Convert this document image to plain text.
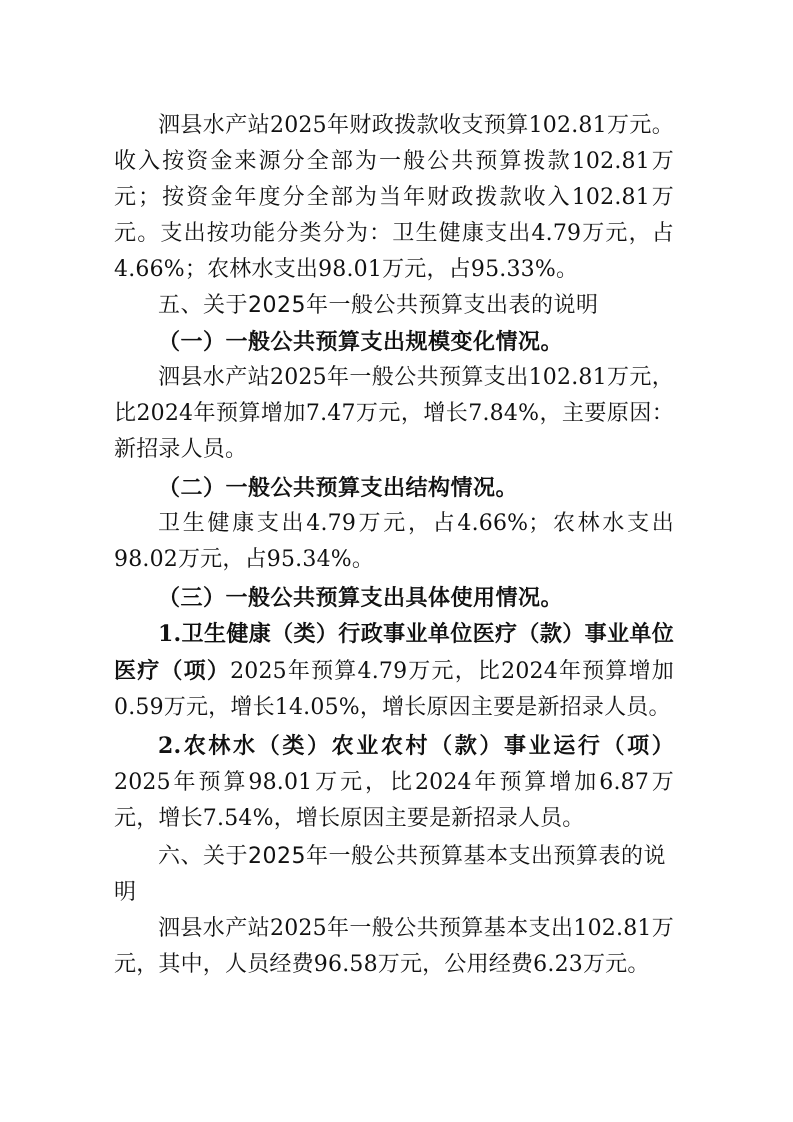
泗县水产站2025年财政拨款收支预算102.81万元。收入按资金来源分全部为一般公共预算拨款102.81万元；按资金年度分全部为当年财政拨款收入102.81万元。支出按功能分类分为：卫生健康支出4.79万元，占4.66%；农林水支出98.01万元，占95.33%。

五、关于2025年一般公共预算支出表的说明

（一）一般公共预算支出规模变化情况。

泗县水产站2025年一般公共预算支出102.81万元，比2024年预算增加7.47万元，增长7.84%，主要原因：新招录人员。

（二）一般公共预算支出结构情况。

卫生健康支出4.79万元，占4.66%；农林水支出98.02万元，占95.34%。

（三）一般公共预算支出具体使用情况。

1.卫生健康（类）行政事业单位医疗（款）事业单位医疗（项）2025年预算4.79万元，比2024年预算增加0.59万元，增长14.05%，增长原因主要是新招录人员。

2.农林水（类）农业农村（款）事业运行（项）2025年预算98.01万元，比2024年预算增加6.87万元，增长7.54%，增长原因主要是新招录人员。

六、关于2025年一般公共预算基本支出预算表的说明

泗县水产站2025年一般公共预算基本支出102.81万元，其中，人员经费96.58万元，公用经费6.23万元。
